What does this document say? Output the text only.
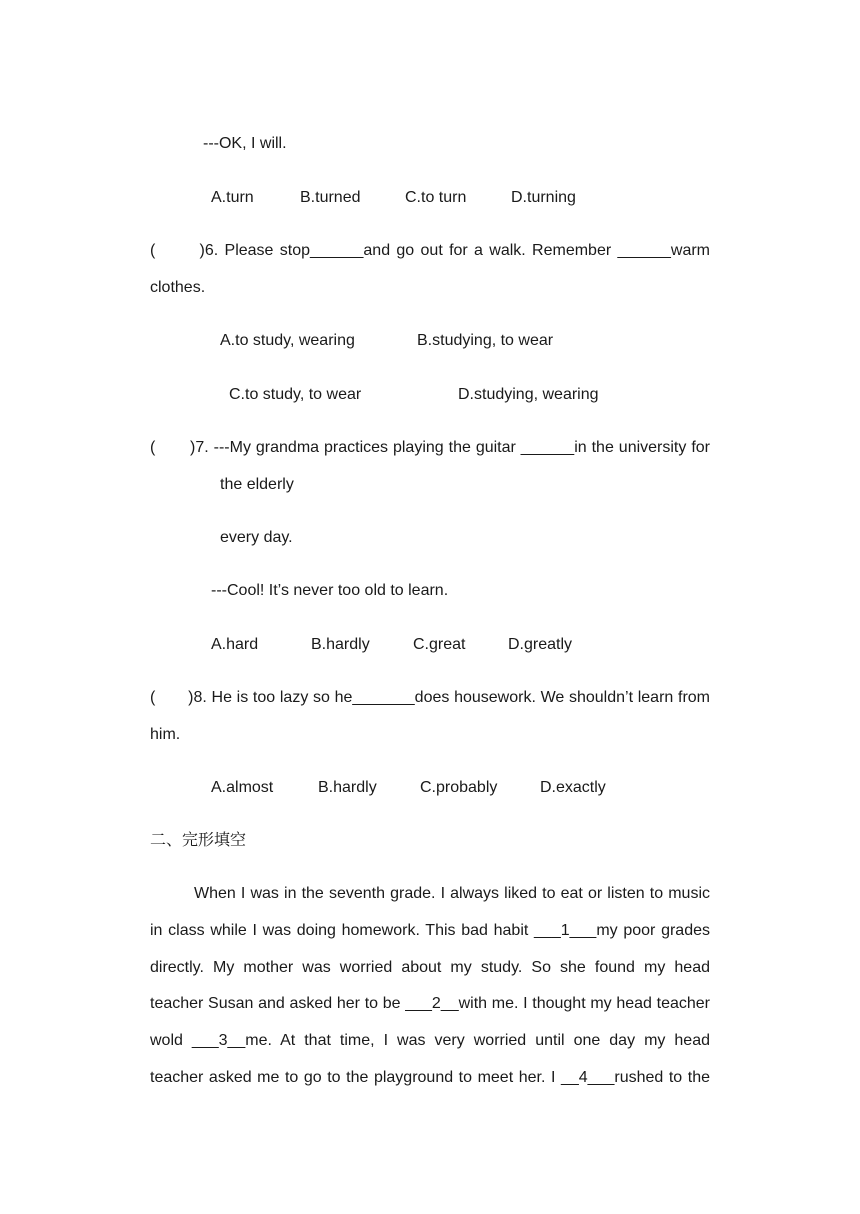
---OK, I will.
A.turn	B.turned	C.to turn	D.turning
(       )6. Please stop______and go out for a walk. Remember ______warm
clothes.
A.to study, wearing	B.studying, to wear
C.to study, to wear	D.studying, wearing
(       )7. ---My grandma practices playing the guitar ______in the university for
the elderly
every day.
---Cool! It’s never too old to learn.
A.hard	B.hardly	C.great	D.greatly
(       )8. He is too lazy so he_______does housework. We shouldn’t learn from
him.
A.almost	B.hardly	C.probably	D.exactly
二、完形填空
When I was in the seventh grade. I always liked to eat or listen to music
in class while I was doing homework. This bad habit ___1___my poor grades
directly. My mother was worried about my study. So she found my head
teacher Susan and asked her to be ___2__with me. I thought my head teacher
wold ___3__me. At that time, I was very worried until one day my head
teacher asked me to go to the playground to meet her. I __4___rushed to the
